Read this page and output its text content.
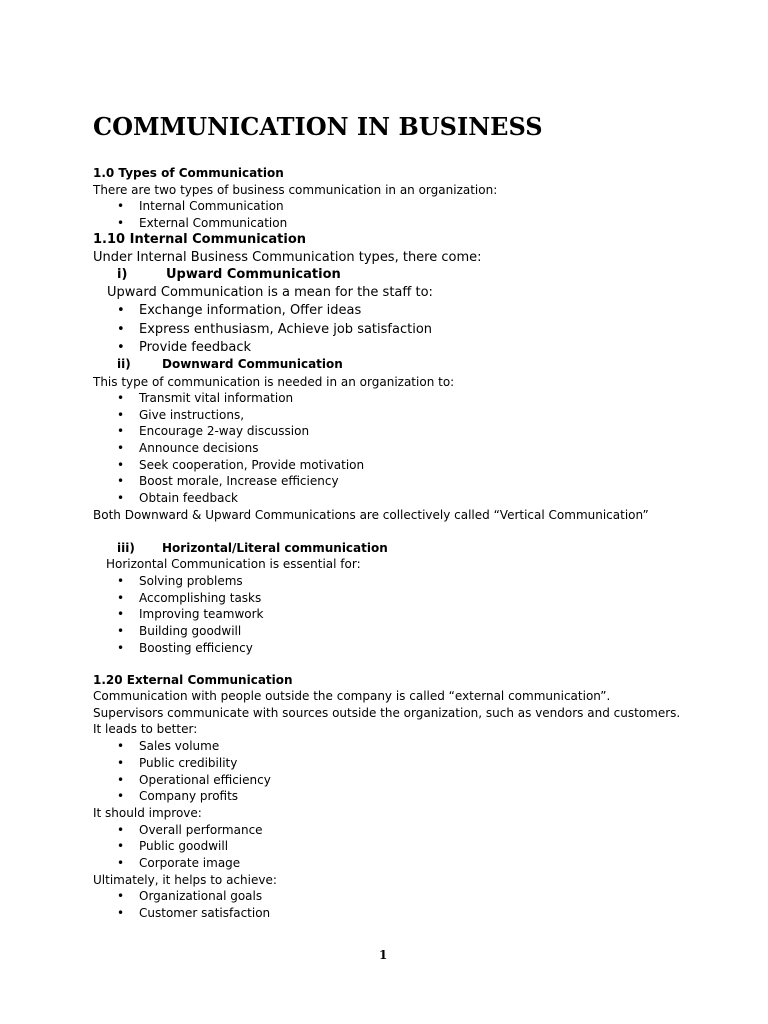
COMMUNICATION IN BUSINESS
1.0 Types of Communication
There are two types of business communication in an organization:
• Internal Communication
• External Communication
1.10 Internal Communication
Under Internal Business Communication types, there come:
i)	Upward Communication
Upward Communication is a mean for the staff to:
• Exchange information, Offer ideas
• Express enthusiasm, Achieve job satisfaction
• Provide feedback
ii)	Downward Communication
This type of communication is needed in an organization to:
• Transmit vital information
• Give instructions,
• Encourage 2-way discussion
• Announce decisions
• Seek cooperation, Provide motivation
• Boost morale, Increase efficiency
• Obtain feedback
Both Downward & Upward Communications are collectively called “Vertical Communication”
iii) Horizontal/Literal communication
Horizontal Communication is essential for:
• Solving problems
• Accomplishing tasks
• Improving teamwork
• Building goodwill
• Boosting efficiency
1.20 External Communication
Communication with people outside the company is called “external communication”.
Supervisors communicate with sources outside the organization, such as vendors and customers.
It leads to better:
• Sales volume
• Public credibility
• Operational efficiency
• Company profits
It should improve:
• Overall performance
• Public goodwill
• Corporate image
Ultimately, it helps to achieve:
• Organizational goals
• Customer satisfaction
1
